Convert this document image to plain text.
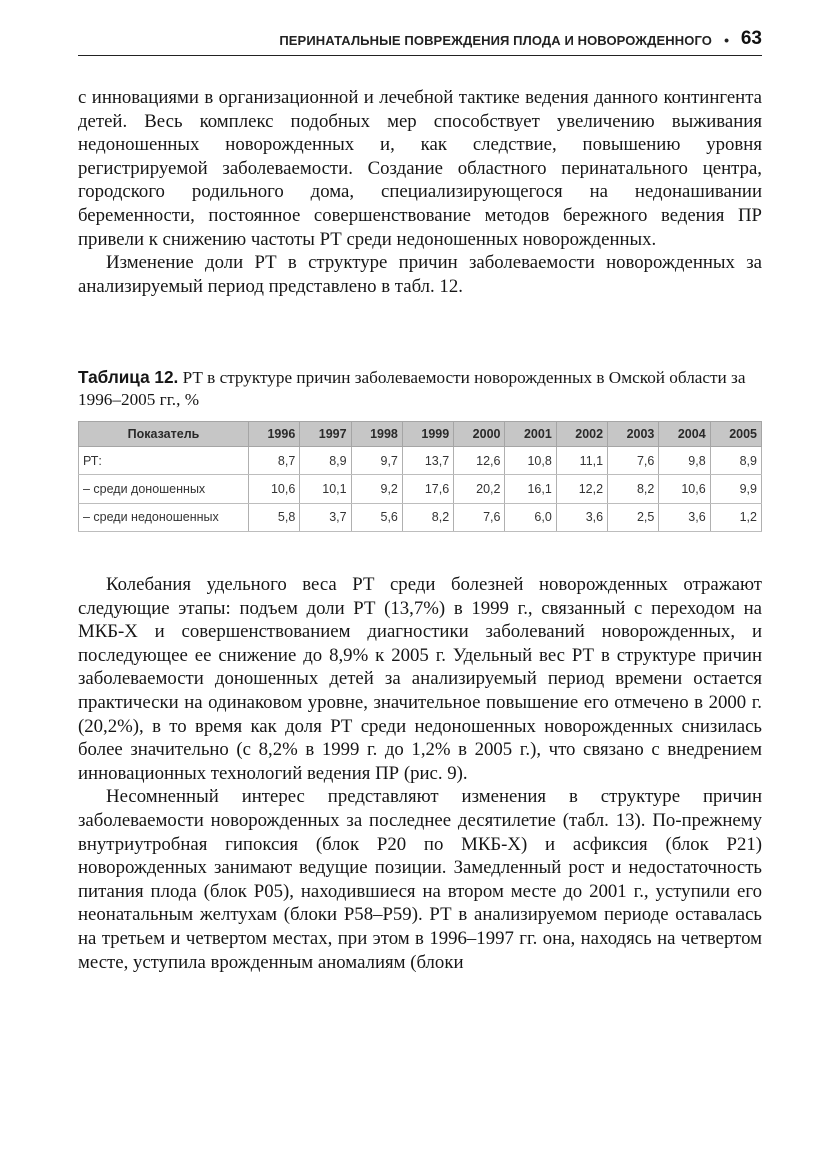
ПЕРИНАТАЛЬНЫЕ ПОВРЕЖДЕНИЯ ПЛОДА И НОВОРОЖДЕННОГО • 63

с инновациями в организационной и лечебной тактике ведения данного контингента детей. Весь комплекс подобных мер способствует увеличению выживания недоношенных новорожденных и, как следствие, повышению уровня регистрируемой заболеваемости. Создание областного перинатального центра, городского родильного дома, специализирующегося на недонашивании беременности, постоянное совершенствование методов бережного ведения ПР привели к снижению частоты РТ среди недоношенных новорожденных.

Изменение доли РТ в структуре причин заболеваемости новорожденных за анализируемый период представлено в табл. 12.

Таблица 12. РТ в структуре причин заболеваемости новорожденных в Омской области за 1996–2005 гг., %
Показатель	1996	1997	1998	1999	2000	2001	2002	2003	2004	2005
РТ:	8,7	8,9	9,7	13,7	12,6	10,8	11,1	7,6	9,8	8,9
– среди доношенных	10,6	10,1	9,2	17,6	20,2	16,1	12,2	8,2	10,6	9,9
– среди недоношенных	5,8	3,7	5,6	8,2	7,6	6,0	3,6	2,5	3,6	1,2

Колебания удельного веса РТ среди болезней новорожденных отражают следующие этапы: подъем доли РТ (13,7%) в 1999 г., связанный с переходом на МКБ-Х и совершенствованием диагностики заболеваний новорожденных, и последующее ее снижение до 8,9% к 2005 г. Удельный вес РТ в структуре причин заболеваемости доношенных детей за анализируемый период времени остается практически на одинаковом уровне, значительное повышение его отмечено в 2000 г. (20,2%), в то время как доля РТ среди недоношенных новорожденных снизилась более значительно (с 8,2% в 1999 г. до 1,2% в 2005 г.), что связано с внедрением инновационных технологий ведения ПР (рис. 9).

Несомненный интерес представляют изменения в структуре причин заболеваемости новорожденных за последнее десятилетие (табл. 13). По-прежнему внутриутробная гипоксия (блок Р20 по МКБ-Х) и асфиксия (блок Р21) новорожденных занимают ведущие позиции. Замедленный рост и недостаточность питания плода (блок Р05), находившиеся на втором месте до 2001 г., уступили его неонатальным желтухам (блоки Р58–Р59). РТ в анализируемом периоде оставалась на третьем и четвертом местах, при этом в 1996–1997 гг. она, находясь на четвертом месте, уступила врожденным аномалиям (блоки
